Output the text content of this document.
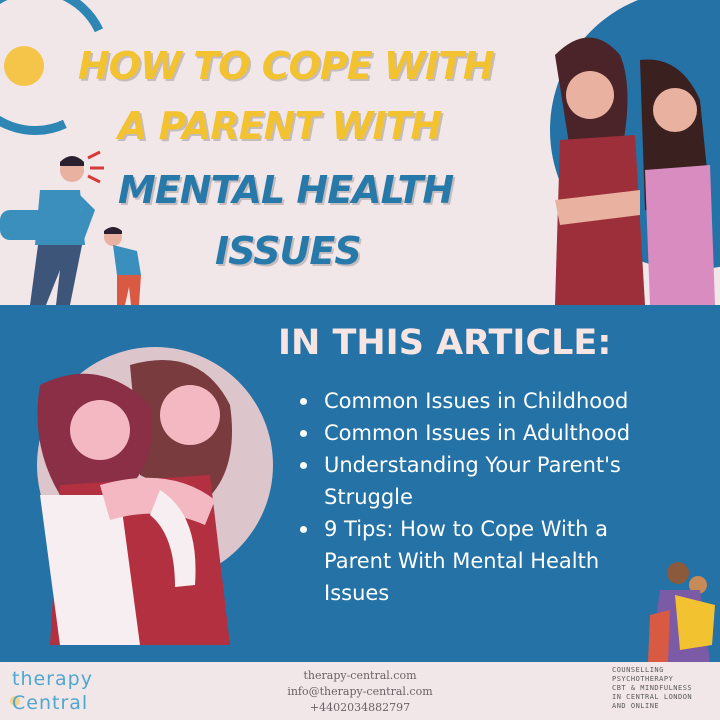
HOW TO COPE WITH
A PARENT WITH
MENTAL HEALTH
ISSUES
IN THIS ARTICLE:
Common Issues in Childhood
Common Issues in Adulthood
Understanding Your Parent's Struggle
9 Tips: How to Cope With a Parent With Mental Health Issues
therapy
Central
therapy-central.com
info@therapy-central.com
+4402034882797
COUNSELLING
PSYCHOTHERAPY
CBT & MINDFULNESS
IN CENTRAL LONDON
AND ONLINE
